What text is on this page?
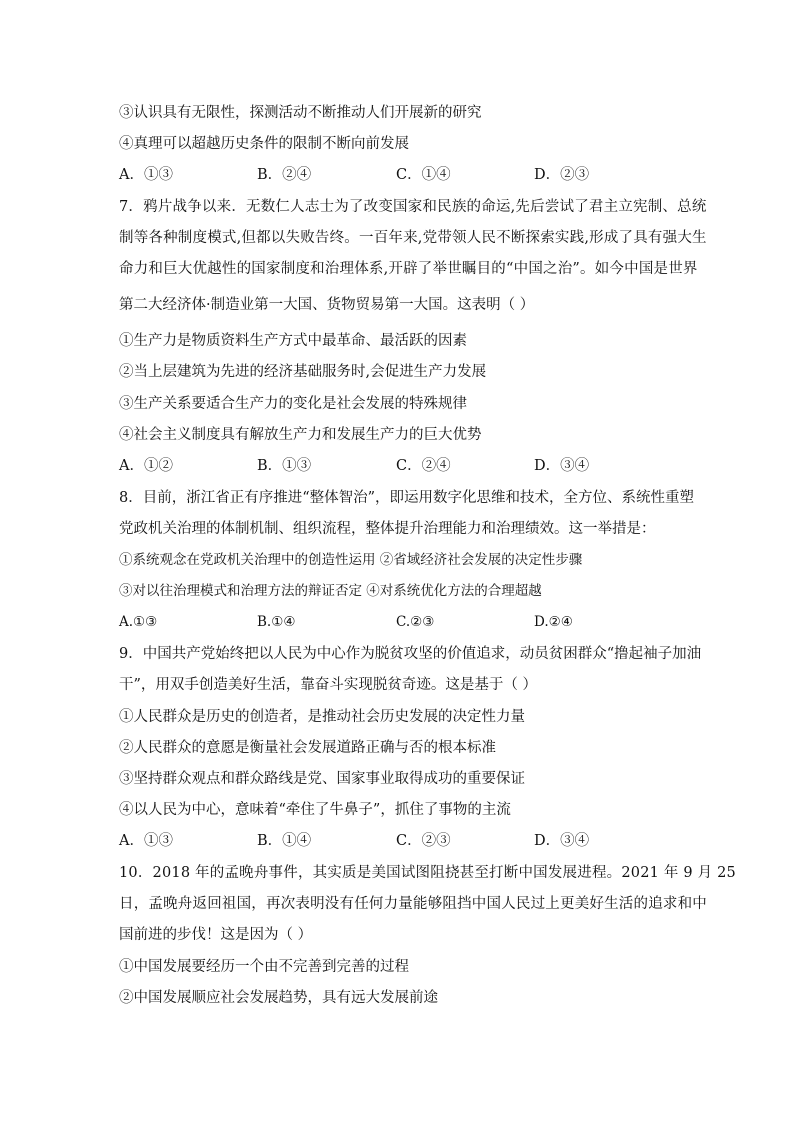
③认识具有无限性，探测活动不断推动人们开展新的研究
④真理可以超越历史条件的限制不断向前发展
A．①③	B．②④	C．①④	D．②③
7．鸦片战争以来．无数仁人志士为了改变国家和民族的命运,先后尝试了君主立宪制、总统
制等各种制度模式,但都以失败告终。一百年来,党带领人民不断探索实践,形成了具有强大生
命力和巨大优越性的国家制度和治理体系,开辟了举世瞩目的“中国之治”。如今中国是世界
第二大经济体·制造业第一大国、货物贸易第一大国。这表明（ ）
①生产力是物质资料生产方式中最革命、最活跃的因素
②当上层建筑为先进的经济基础服务时,会促进生产力发展
③生产关系要适合生产力的变化是社会发展的特殊规律
④社会主义制度具有解放生产力和发展生产力的巨大优势
A．①②	B．①③	C．②④	D．③④
8．目前，浙江省正有序推进“整体智治”，即运用数字化思维和技术，全方位、系统性重塑
党政机关治理的体制机制、组织流程，整体提升治理能力和治理绩效。这一举措是：
①系统观念在党政机关治理中的创造性运用 ②省域经济社会发展的决定性步骤
③对以往治理模式和治理方法的辩证否定 ④对系统优化方法的合理超越
A.①③	B.①④	C.②③	D.②④
9．中国共产党始终把以人民为中心作为脱贫攻坚的价值追求，动员贫困群众“撸起袖子加油
干”，用双手创造美好生活，靠奋斗实现脱贫奇迹。这是基于（ ）
①人民群众是历史的创造者，是推动社会历史发展的决定性力量
②人民群众的意愿是衡量社会发展道路正确与否的根本标准
③坚持群众观点和群众路线是党、国家事业取得成功的重要保证
④以人民为中心，意味着“牵住了牛鼻子”，抓住了事物的主流
A．①③	B．①④	C．②③	D．③④
10．2018 年的孟晚舟事件，其实质是美国试图阻挠甚至打断中国发展进程。2021 年 9 月 25
日，孟晚舟返回祖国，再次表明没有任何力量能够阻挡中国人民过上更美好生活的追求和中
国前进的步伐！这是因为（ ）
①中国发展要经历一个由不完善到完善的过程
②中国发展顺应社会发展趋势，具有远大发展前途
